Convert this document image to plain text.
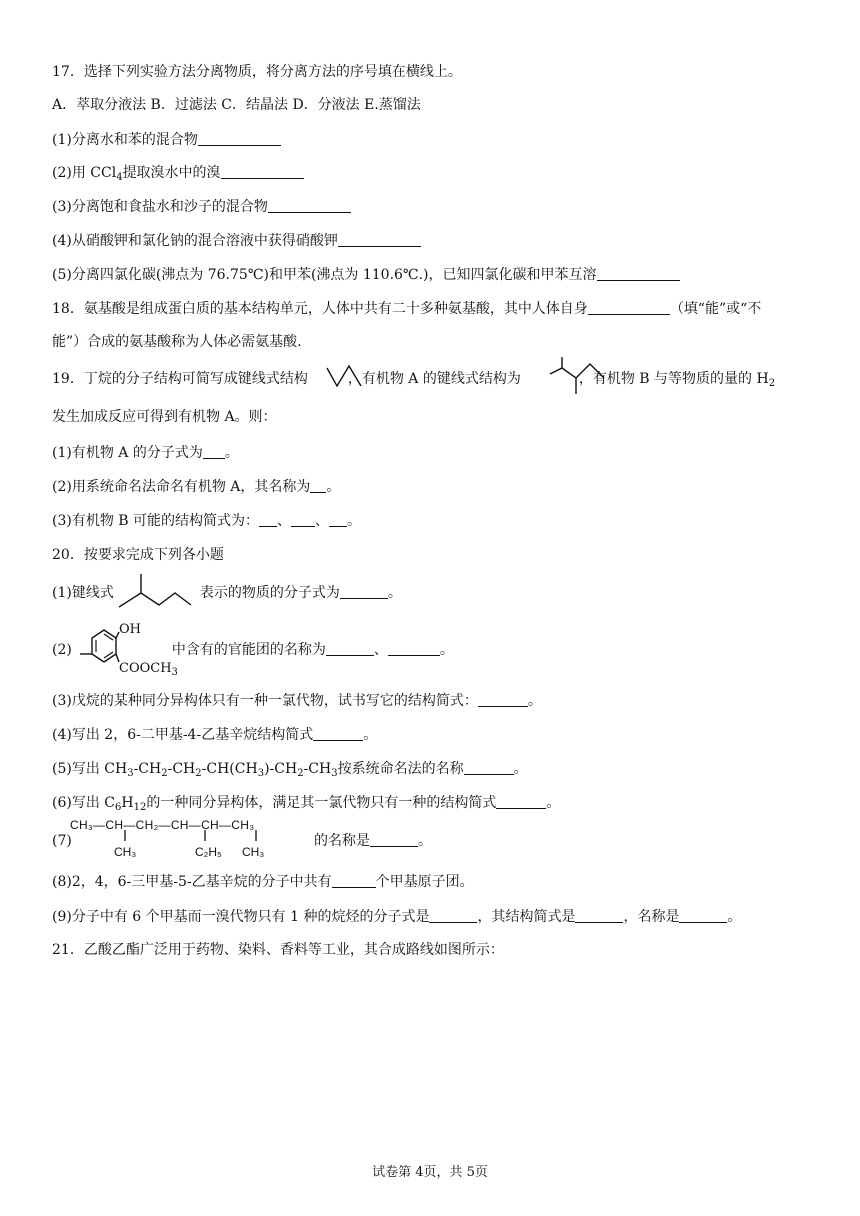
17．选择下列实验方法分离物质，将分离方法的序号填在横线上。
A．萃取分液法 B．过滤法 C．结晶法 D．分液法 E.蒸馏法
(1)分离水和苯的混合物
(2)用 CCl$_4$提取溴水中的溴
(3)分离饱和食盐水和沙子的混合物
(4)从硝酸钾和氯化钠的混合溶液中获得硝酸钾
(5)分离四氯化碳(沸点为 76.75℃)和甲苯(沸点为 110.6℃.)，已知四氯化碳和甲苯互溶
18．氨基酸是组成蛋白质的基本结构单元，人体中共有二十多种氨基酸，其中人体自身	（填“能”或“不
能”）合成的氨基酸称为人体必需氨基酸.
19．丁烷的分子结构可简写成键线式结构	，有机物 A 的键线式结构为	，有机物 B 与等物质的量的 $H_2$
发生加成反应可得到有机物 A。则：
(1)有机物 A 的分子式为 。
(2)用系统命名法命名有机物 A，其名称为 。
(3)有机物 B 可能的结构简式为： 、 、 。
20．按要求完成下列各小题
(1)键线式	表示的物质的分子式为	。
(2)	中含有的官能团的名称为	、	。
OH
$COOCH_3$
(3)戊烷的某种同分异构体只有一种一氯代物，试书写它的结构简式：	。
(4)写出 2，6-二甲基-4-乙基辛烷结构简式	。
(5)写出 $CH_3-CH_2-CH_2-CH(CH_3)-CH_2-CH_3$按系统命名法的名称	。
(6)写出 $C_6H_{12}$的一种同分异构体，满足其一氯代物只有一种的结构简式	。
(7)
CH₃—CH—CH₂—CH—CH—CH₃
CH₃	C₂H₅ CH₃
的名称是	。
(8)2，4，6-三甲基-5-乙基辛烷的分子中共有	个甲基原子团。
(9)分子中有 6 个甲基而一溴代物只有 1 种的烷烃的分子式是	，其结构简式是	，名称是	。
21．乙酸乙酯广泛用于药物、染料、香料等工业，其合成路线如图所示：
试卷第 4页，共 5页
